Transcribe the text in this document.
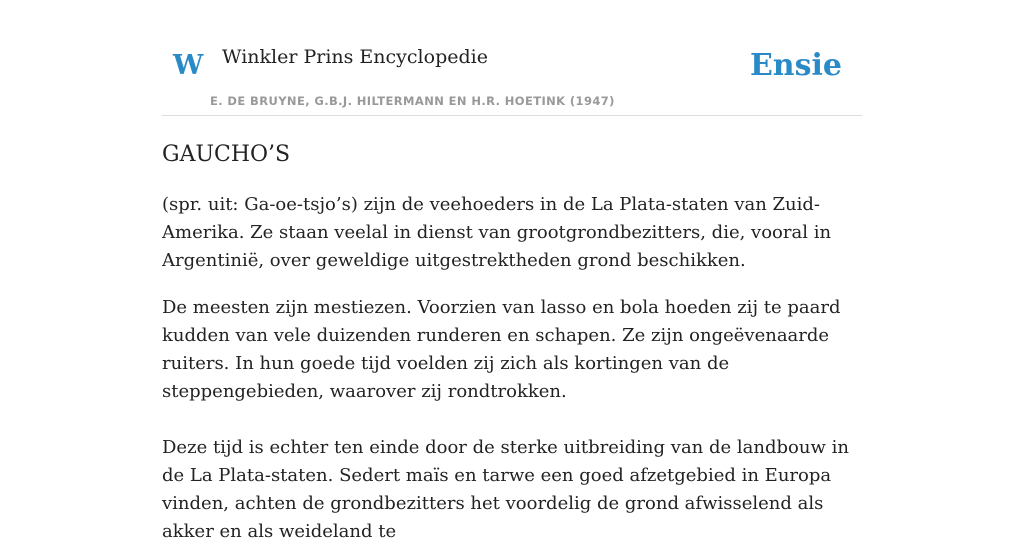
W Winkler Prins Encyclopedie
E. DE BRUYNE, G.B.J. HILTERMANN EN H.R. HOETINK (1947)
Ensie
GAUCHO’S

(spr. uit: Ga-oe-tsjo’s) zijn de veehoeders in de La Plata-staten van Zuid-Amerika. Ze staan veelal in dienst van grootgrondbezitters, die, vooral in Argentinië, over geweldige uitgestrektheden grond beschikken.

De meesten zijn mestiezen. Voorzien van lasso en bola hoeden zij te paard kudden van vele duizenden runderen en schapen. Ze zijn ongeëvenaarde ruiters. In hun goede tijd voelden zij zich als kortingen van de steppengebieden, waarover zij rondtrokken.

Deze tijd is echter ten einde door de sterke uitbreiding van de landbouw in de La Plata-staten. Sedert maïs en tarwe een goed afzetgebied in Europa vinden, achten de grondbezitters het voordelig de grond afwisselend als akker en als weideland te
